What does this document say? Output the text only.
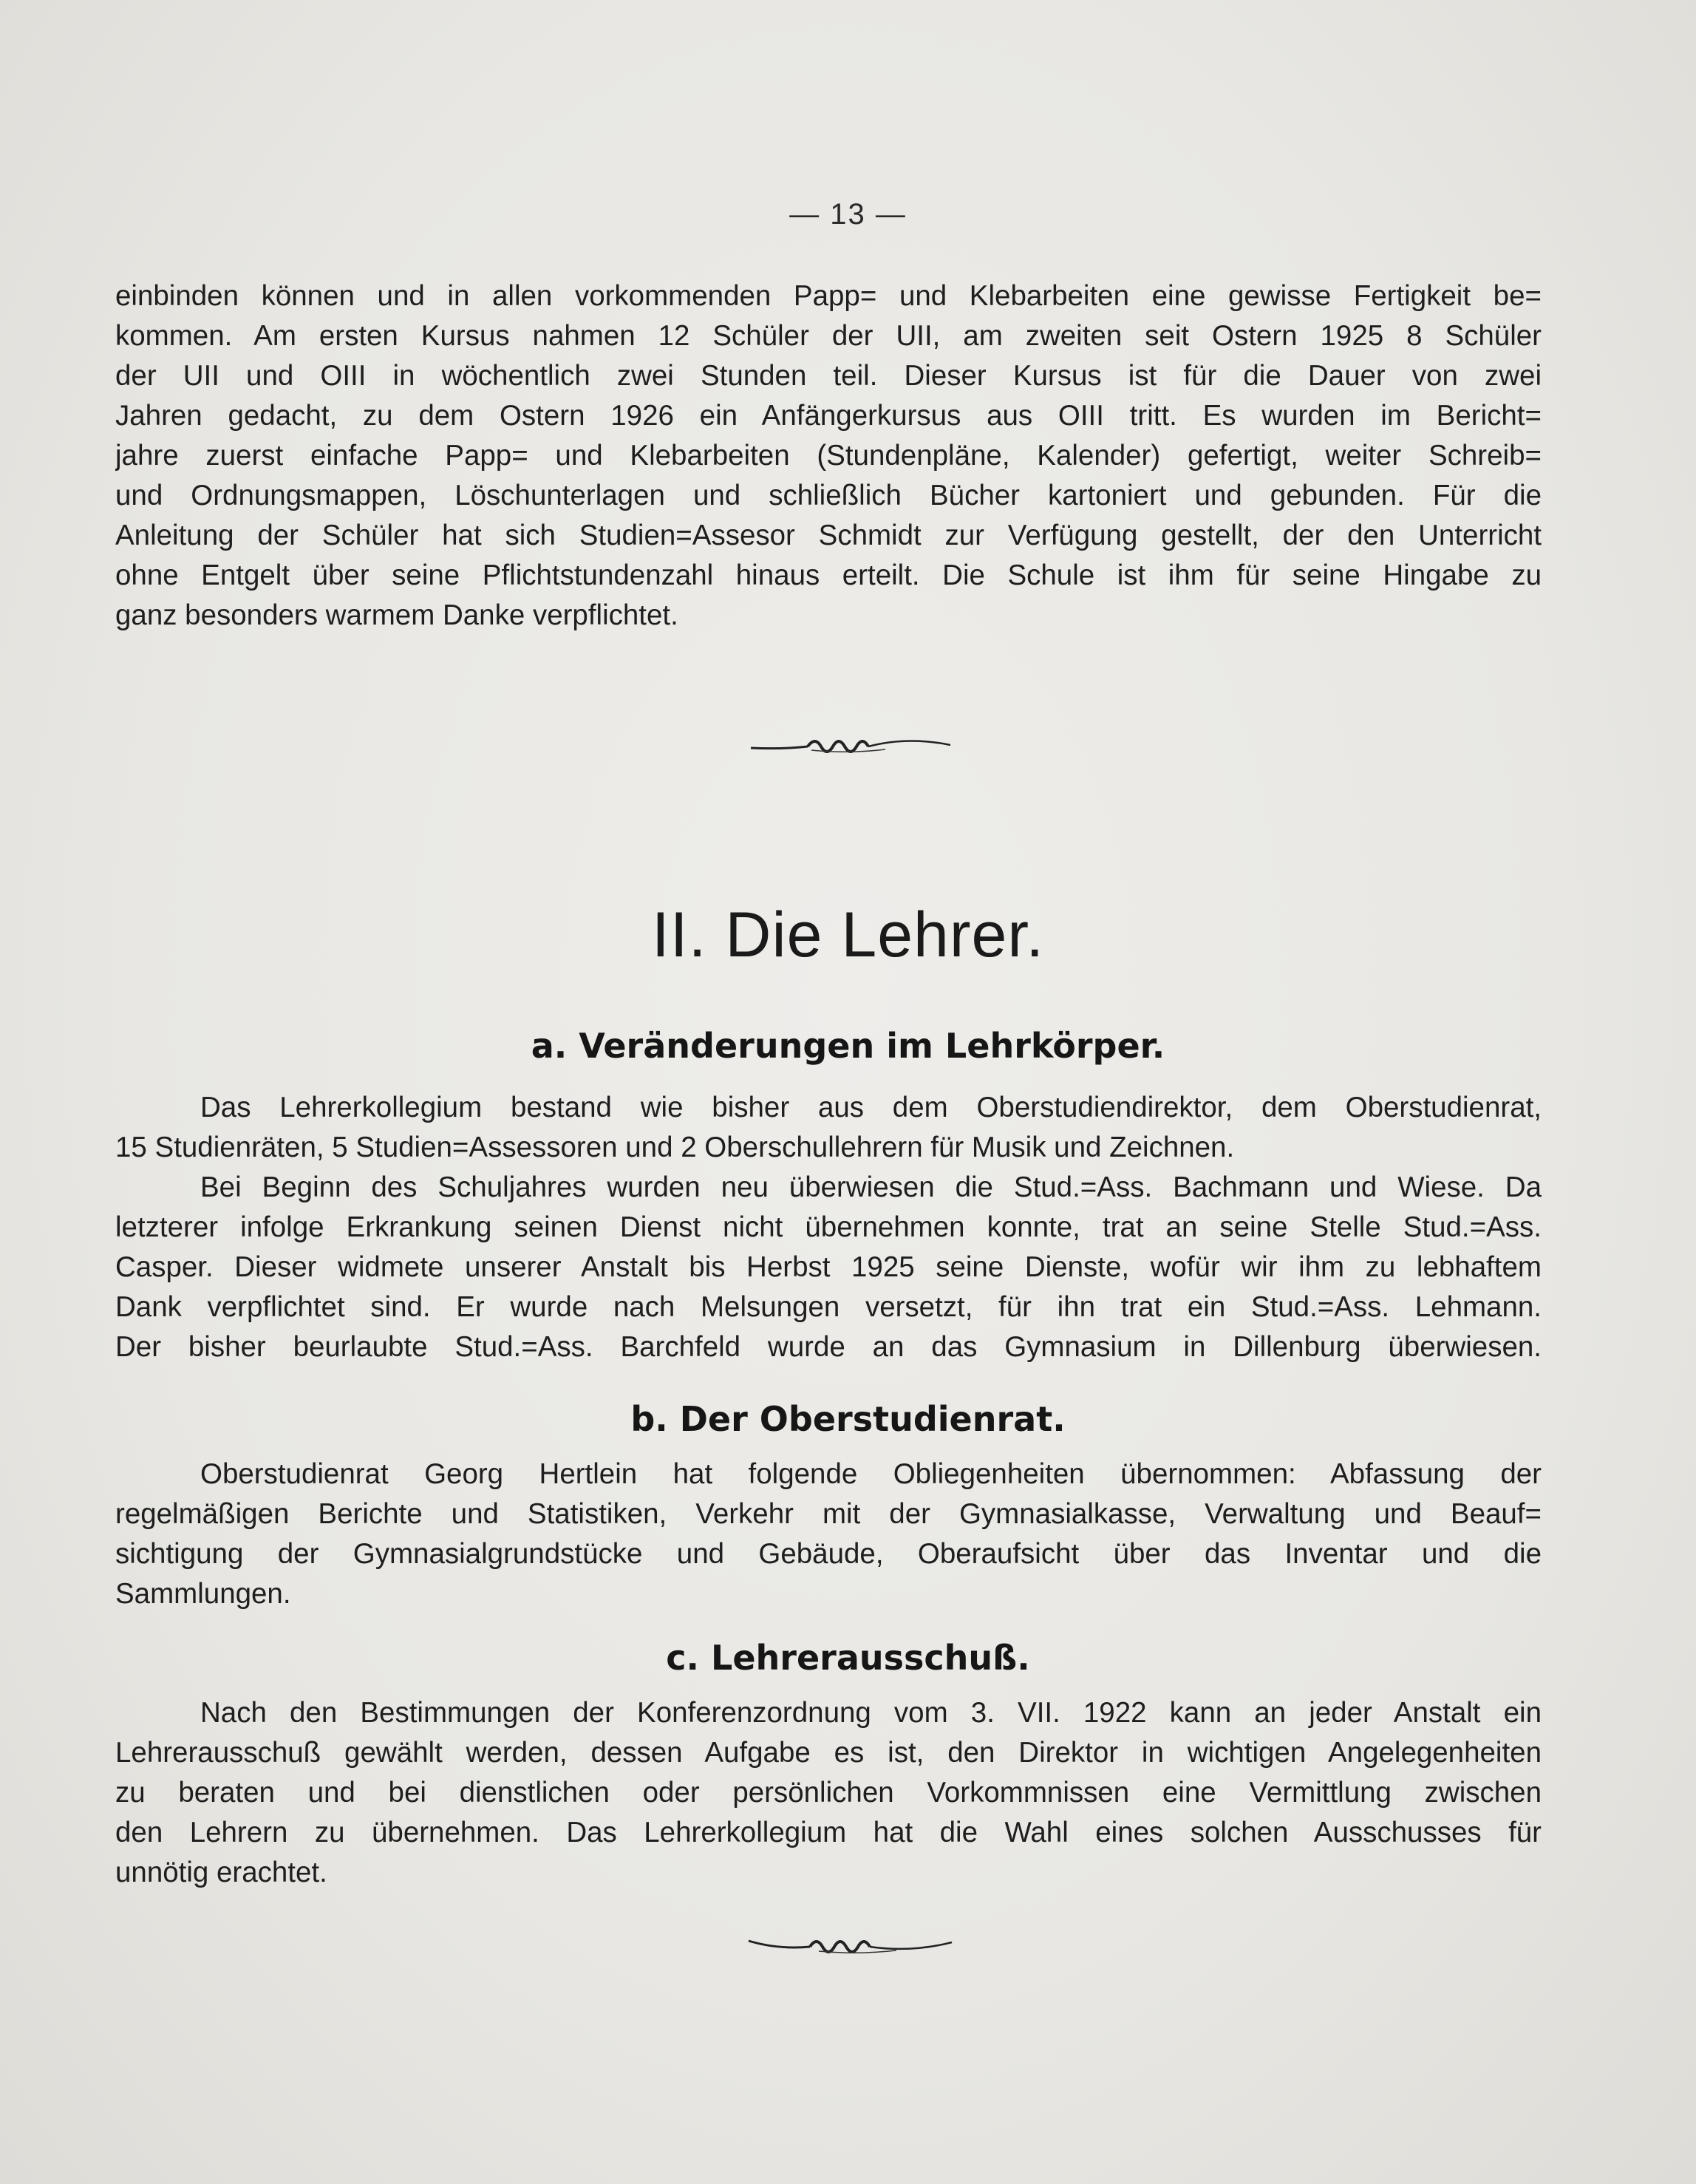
— 13 —
einbinden können und in allen vorkommenden Papp= und Klebarbeiten eine gewisse Fertigkeit be=
kommen. Am ersten Kursus nahmen 12 Schüler der UII, am zweiten seit Ostern 1925 8 Schüler
der UII und OIII in wöchentlich zwei Stunden teil. Dieser Kursus ist für die Dauer von zwei
Jahren gedacht, zu dem Ostern 1926 ein Anfängerkursus aus OIII tritt. Es wurden im Bericht=
jahre zuerst einfache Papp= und Klebarbeiten (Stundenpläne, Kalender) gefertigt, weiter Schreib=
und Ordnungsmappen, Löschunterlagen und schließlich Bücher kartoniert und gebunden. Für die
Anleitung der Schüler hat sich Studien=Assesor Schmidt zur Verfügung gestellt, der den Unterricht
ohne Entgelt über seine Pflichtstundenzahl hinaus erteilt. Die Schule ist ihm für seine Hingabe zu
ganz besonders warmem Danke verpflichtet.
II. Die Lehrer.
a. Veränderungen im Lehrkörper.
Das Lehrerkollegium bestand wie bisher aus dem Oberstudiendirektor, dem Oberstudienrat,
15 Studienräten, 5 Studien=Assessoren und 2 Oberschullehrern für Musik und Zeichnen.
Bei Beginn des Schuljahres wurden neu überwiesen die Stud.=Ass. Bachmann und Wiese. Da
letzterer infolge Erkrankung seinen Dienst nicht übernehmen konnte, trat an seine Stelle Stud.=Ass.
Casper. Dieser widmete unserer Anstalt bis Herbst 1925 seine Dienste, wofür wir ihm zu lebhaftem
Dank verpflichtet sind. Er wurde nach Melsungen versetzt, für ihn trat ein Stud.=Ass. Lehmann.
Der bisher beurlaubte Stud.=Ass. Barchfeld wurde an das Gymnasium in Dillenburg überwiesen.
b. Der Oberstudienrat.
Oberstudienrat Georg Hertlein hat folgende Obliegenheiten übernommen: Abfassung der
regelmäßigen Berichte und Statistiken, Verkehr mit der Gymnasialkasse, Verwaltung und Beauf=
sichtigung der Gymnasialgrundstücke und Gebäude, Oberaufsicht über das Inventar und die
Sammlungen.
c. Lehrerausschuß.
Nach den Bestimmungen der Konferenzordnung vom 3. VII. 1922 kann an jeder Anstalt ein
Lehrerausschuß gewählt werden, dessen Aufgabe es ist, den Direktor in wichtigen Angelegenheiten
zu beraten und bei dienstlichen oder persönlichen Vorkommnissen eine Vermittlung zwischen
den Lehrern zu übernehmen. Das Lehrerkollegium hat die Wahl eines solchen Ausschusses für
unnötig erachtet.
